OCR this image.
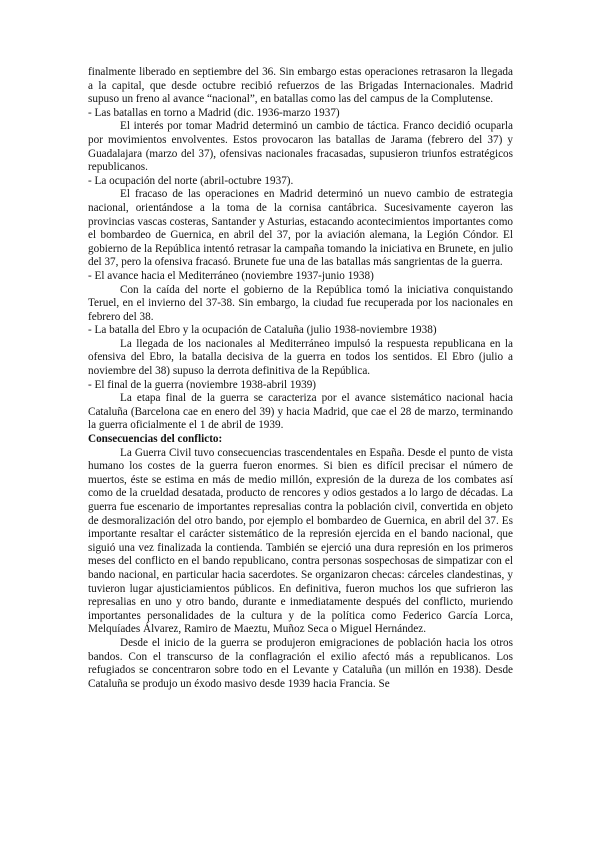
finalmente liberado en septiembre del 36. Sin embargo estas operaciones retrasaron la llegada a la capital, que desde octubre recibió refuerzos de las Brigadas Internacionales. Madrid supuso un freno al avance “nacional”, en batallas como las del campus de la Complutense.

- Las batallas en torno a Madrid (dic. 1936-marzo 1937)

El interés por tomar Madrid determinó un cambio de táctica. Franco decidió ocuparla por movimientos envolventes. Estos provocaron las batallas de Jarama (febrero del 37) y Guadalajara (marzo del 37), ofensivas nacionales fracasadas, supusieron triunfos estratégicos republicanos.

- La ocupación del norte (abril-octubre 1937).

El fracaso de las operaciones en Madrid determinó un nuevo cambio de estrategia nacional, orientándose a la toma de la cornisa cantábrica. Sucesivamente cayeron las provincias vascas costeras, Santander y Asturias, estacando acontecimientos importantes como el bombardeo de Guernica, en abril del 37, por la aviación alemana, la Legión Cóndor. El gobierno de la República intentó retrasar la campaña tomando la iniciativa en Brunete, en julio del 37, pero la ofensiva fracasó. Brunete fue una de las batallas más sangrientas de la guerra.

- El avance hacia el Mediterráneo (noviembre 1937-junio 1938)

Con la caída del norte el gobierno de la República tomó la iniciativa conquistando Teruel, en el invierno del 37-38. Sin embargo, la ciudad fue recuperada por los nacionales en febrero del 38.

- La batalla del Ebro y la ocupación de Cataluña (julio 1938-noviembre 1938)

La llegada de los nacionales al Mediterráneo impulsó la respuesta republicana en la ofensiva del Ebro, la batalla decisiva de la guerra en todos los sentidos. El Ebro (julio a noviembre del 38) supuso la derrota definitiva de la República.

- El final de la guerra (noviembre 1938-abril 1939)

La etapa final de la guerra se caracteriza por el avance sistemático nacional hacia Cataluña (Barcelona cae en enero del 39) y hacia Madrid, que cae el 28 de marzo, terminando la guerra oficialmente el 1 de abril de 1939.

Consecuencias del conflicto:

La Guerra Civil tuvo consecuencias trascendentales en España. Desde el punto de vista humano los costes de la guerra fueron enormes. Si bien es difícil precisar el número de muertos, éste se estima en más de medio millón, expresión de la dureza de los combates así como de la crueldad desatada, producto de rencores y odios gestados a lo largo de décadas. La guerra fue escenario de importantes represalias contra la población civil, convertida en objeto de desmoralización del otro bando, por ejemplo el bombardeo de Guernica, en abril del 37. Es importante resaltar el carácter sistemático de la represión ejercida en el bando nacional, que siguió una vez finalizada la contienda. También se ejerció una dura represión en los primeros meses del conflicto en el bando republicano, contra personas sospechosas de simpatizar con el bando nacional, en particular hacia sacerdotes. Se organizaron checas: cárceles clandestinas, y tuvieron lugar ajusticiamientos públicos. En definitiva, fueron muchos los que sufrieron las represalias en uno y otro bando, durante e inmediatamente después del conflicto, muriendo importantes personalidades de la cultura y de la política como Federico García Lorca, Melquíades Álvarez, Ramiro de Maeztu, Muñoz Seca o Miguel Hernández.

Desde el inicio de la guerra se produjeron emigraciones de población hacia los otros bandos. Con el transcurso de la conflagración el exilio afectó más a republicanos. Los refugiados se concentraron sobre todo en el Levante y Cataluña (un millón en 1938). Desde Cataluña se produjo un éxodo masivo desde 1939 hacia Francia. Se
